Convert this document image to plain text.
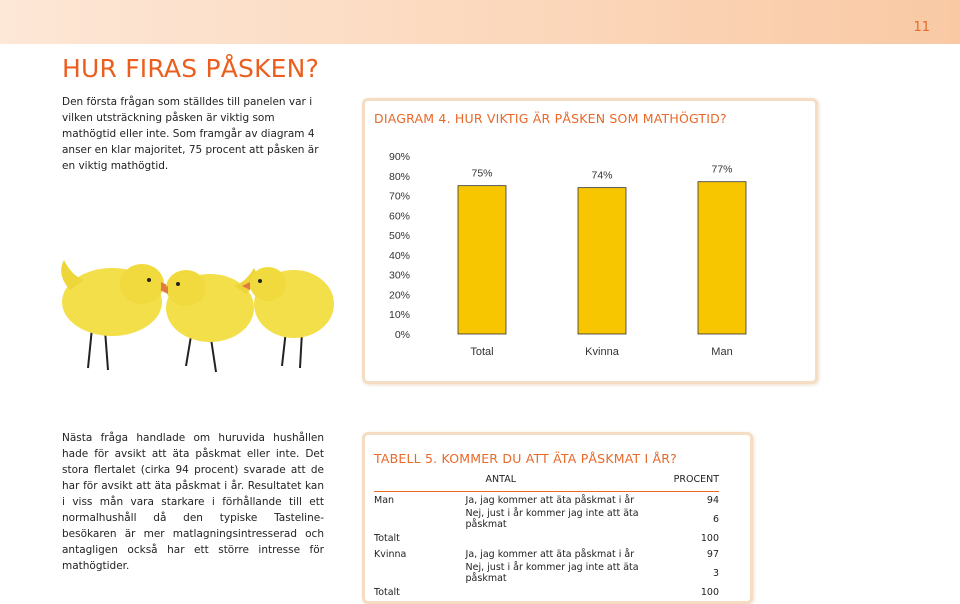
11
HUR FIRAS PÅSKEN?

Den första frågan som ställdes till panelen var i vilken utsträckning påsken är viktig som mathögtid eller inte. Som framgår av diagram 4 anser en klar majoritet, 75 procent att påsken är en viktig mathögtid.

DIAGRAM 4. HUR VIKTIG ÄR PÅSKEN SOM MATHÖGTID?
0%
10%
20%
30%
40%
50%
60%
70%
80%
90%
75%
Total
74%
Kvinna
77%
Man

Nästa fråga handlade om huruvida hushållen hade för avsikt att äta påskmat eller inte. Det stora flertalet (cirka 94 procent) svarade att de har för avsikt att äta påskmat i år. Resultatet kan i viss mån vara starkare i förhållande till ett normalhushåll då den typiske Tasteline-besökaren är mer matlagningsintresserad och antagligen också har ett större intresse för mathögtider.

TABELL 5. KOMMER DU ATT ÄTA PÅSKMAT I ÅR?
	ANTAL	PROCENT
Man	Ja, jag kommer att äta påskmat i år	94
	Nej, just i år kommer jag inte att äta påskmat	6
Totalt		100
Kvinna	Ja, jag kommer att äta påskmat i år	97
	Nej, just i år kommer jag inte att äta påskmat	3
Totalt		100
